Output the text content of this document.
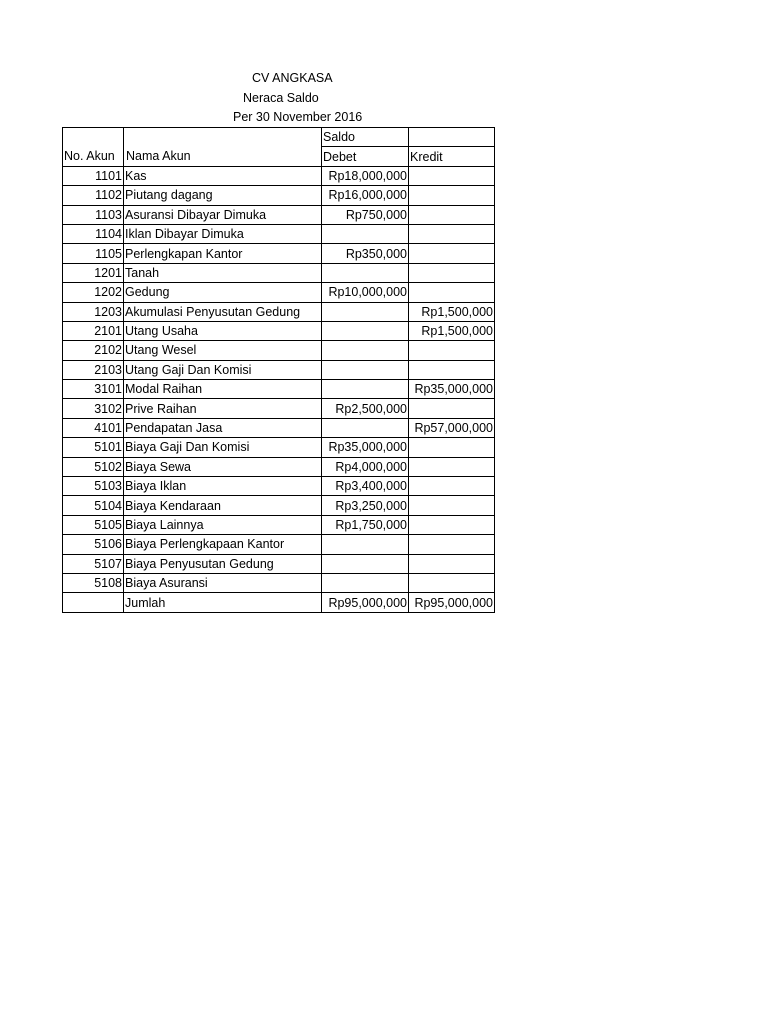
CV ANGKASA
Neraca Saldo
Per 30 November 2016
		Saldo	
No. Akun	Nama Akun	Debet	Kredit
1101	Kas	Rp18,000,000	
1102	Piutang dagang	Rp16,000,000	
1103	Asuransi Dibayar Dimuka	Rp750,000	
1104	Iklan Dibayar Dimuka		
1105	Perlengkapan Kantor	Rp350,000	
1201	Tanah		
1202	Gedung	Rp10,000,000	
1203	Akumulasi Penyusutan Gedung		Rp1,500,000
2101	Utang Usaha		Rp1,500,000
2102	Utang Wesel		
2103	Utang Gaji Dan Komisi		
3101	Modal Raihan		Rp35,000,000
3102	Prive Raihan	Rp2,500,000	
4101	Pendapatan Jasa		Rp57,000,000
5101	Biaya Gaji Dan Komisi	Rp35,000,000	
5102	Biaya Sewa	Rp4,000,000	
5103	Biaya Iklan	Rp3,400,000	
5104	Biaya Kendaraan	Rp3,250,000	
5105	Biaya Lainnya	Rp1,750,000	
5106	Biaya Perlengkapaan Kantor		
5107	Biaya Penyusutan Gedung		
5108	Biaya Asuransi		
	Jumlah	Rp95,000,000	Rp95,000,000
